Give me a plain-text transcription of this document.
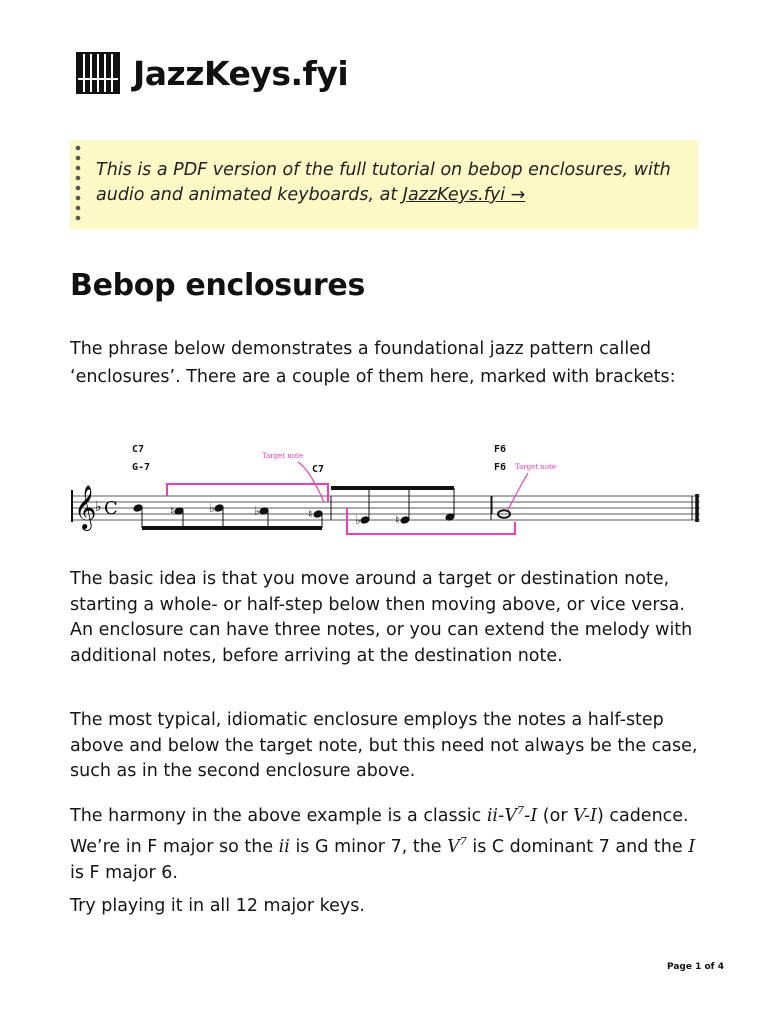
JazzKeys.fyi
This is a PDF version of the full tutorial on bebop enclosures, with audio and animated keyboards, at JazzKeys.fyi →
Bebop enclosures

The phrase below demonstrates a foundational jazz pattern called ‘enclosures’. There are a couple of them here, marked with brackets:

𝄞
♭ C
C7
G-7	C7
F6
F6
Target note
Target note
♮	♭	♭	♮	♭	♮

The basic idea is that you move around a target or destination note, starting a whole- or half-step below then moving above, or vice versa. An enclosure can have three notes, or you can extend the melody with additional notes, before arriving at the destination note.

The most typical, idiomatic enclosure employs the notes a half-step above and below the target note, but this need not always be the case, such as in the second enclosure above.

The harmony in the above example is a classic $ii-V^7-I$ (or V-I) cadence. We’re in F major so the ii is G minor 7, the $V^7$ is C dominant 7 and the I is F major 6.

Try playing it in all 12 major keys.

Page 1 of 4
